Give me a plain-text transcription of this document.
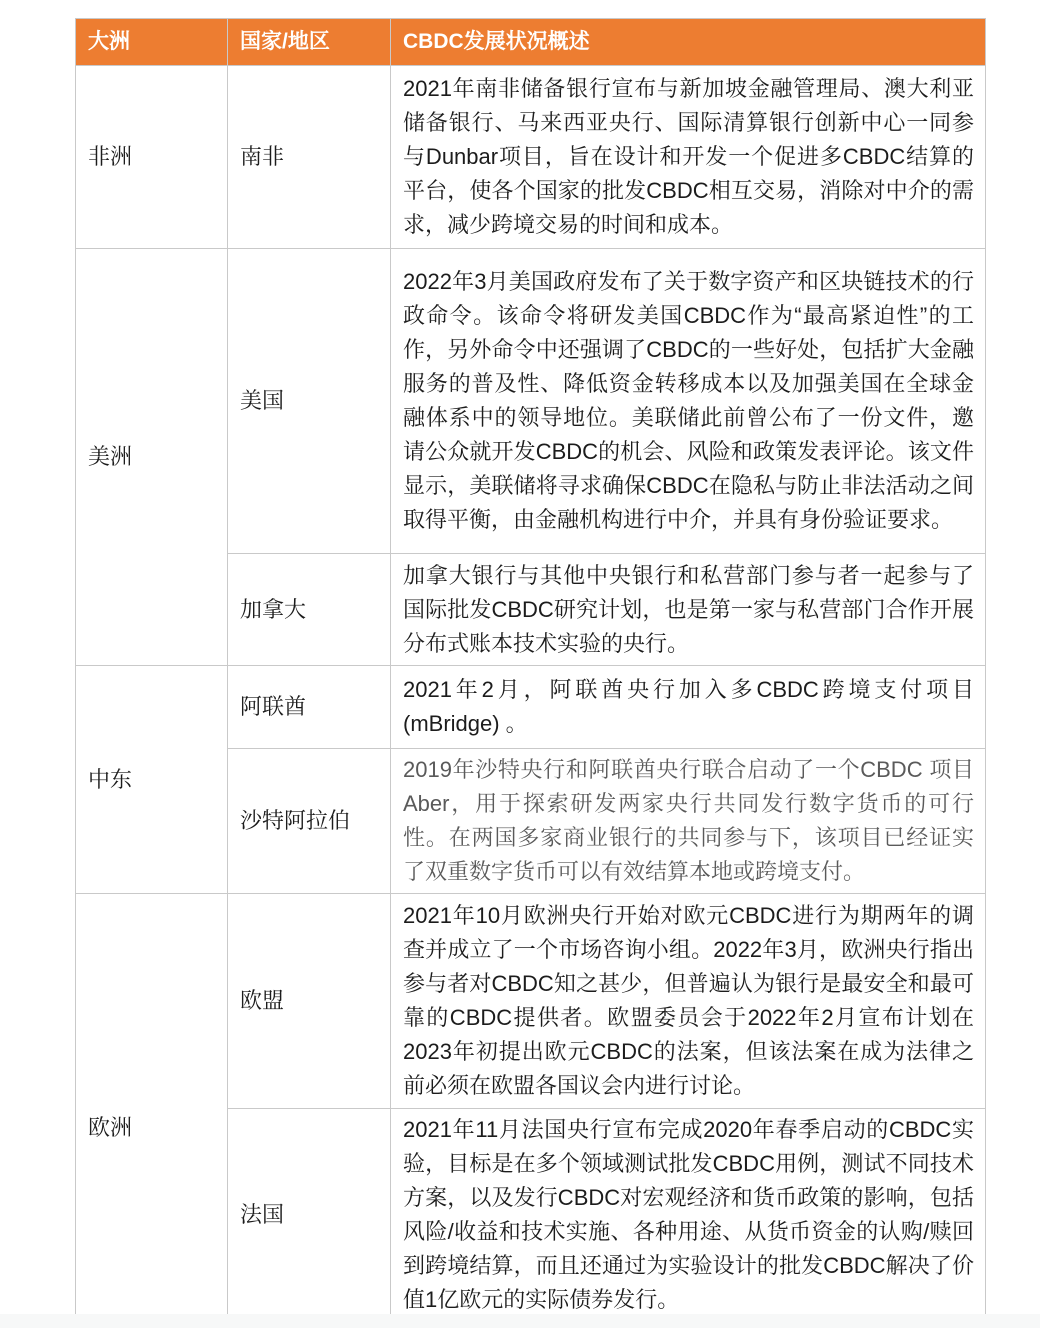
大洲	国家/地区	CBDC发展状况概述
非洲	南非	2021年南非储备银行宣布与新加坡金融管理局、澳大利亚储备银行、马来西亚央行、国际清算银行创新中心一同参与Dunbar项目，旨在设计和开发一个促进多CBDC结算的平台，使各个国家的批发CBDC相互交易，消除对中介的需求，减少跨境交易的时间和成本。
美洲	美国	2022年3月美国政府发布了关于数字资产和区块链技术的行政命令。该命令将研发美国CBDC作为“最高紧迫性”的工作，另外命令中还强调了CBDC的一些好处，包括扩大金融服务的普及性、降低资金转移成本以及加强美国在全球金融体系中的领导地位。美联储此前曾公布了一份文件，邀请公众就开发CBDC的机会、风险和政策发表评论。该文件显示，美联储将寻求确保CBDC在隐私与防止非法活动之间取得平衡，由金融机构进行中介，并具有身份验证要求。
	加拿大	加拿大银行与其他中央银行和私营部门参与者一起参与了国际批发CBDC研究计划，也是第一家与私营部门合作开展分布式账本技术实验的央行。
中东	阿联酋	2021年2月，阿联酋央行加入多CBDC跨境支付项目(mBridge) 。
	沙特阿拉伯	2019年沙特央行和阿联酋央行联合启动了一个CBDC 项目Aber，用于探索研发两家央行共同发行数字货币的可行性。在两国多家商业银行的共同参与下，该项目已经证实了双重数字货币可以有效结算本地或跨境支付。
欧洲	欧盟	2021年10月欧洲央行开始对欧元CBDC进行为期两年的调查并成立了一个市场咨询小组。2022年3月，欧洲央行指出参与者对CBDC知之甚少，但普遍认为银行是最安全和最可靠的CBDC提供者。欧盟委员会于2022年2月宣布计划在2023年初提出欧元CBDC的法案，但该法案在成为法律之前必须在欧盟各国议会内进行讨论。
	法国	2021年11月法国央行宣布完成2020年春季启动的CBDC实验，目标是在多个领域测试批发CBDC用例，测试不同技术方案，以及发行CBDC对宏观经济和货币政策的影响，包括风险/收益和技术实施、各种用途、从货币资金的认购/赎回到跨境结算，而且还通过为实验设计的批发CBDC解决了价值1亿欧元的实际债券发行。
